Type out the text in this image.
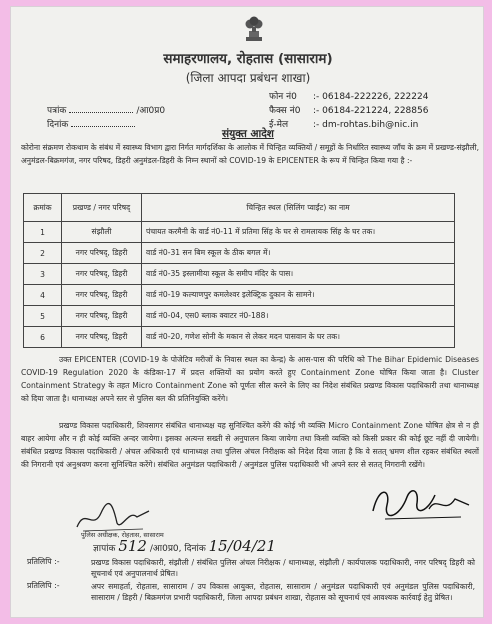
समाहरणालय, रोहतास (सासाराम)
(जिला आपदा प्रबंधन शाखा)
फोन नं0 :- 06184-222226, 222224
फैक्स नं0 :- 06184-221224, 228856
ई-मेल	:- dm-rohtas.bih@nic.in
पत्रांक	/आ0प्र0
दिनांक
संयुक्त आदेश
कोरोना संक्रमण रोकथाम के संबंध में स्वास्थ्य विभाग द्वारा निर्गत मार्गदर्शिका के आलोक में चिन्हित व्यक्तियों / समूहों के निर्धारित स्वास्थ्य जाँच के क्रम में प्रखण्ड-संझौली, अनुमंडल-बिक्रमगंज, नगर परिषद, डिहरी अनुमंडल-डिहरी के निम्न स्थानों को COVID-19 के EPICENTER के रूप में चिन्हित किया गया है :-
क्रमांक	प्रखण्ड / नगर परिषद्	चिन्हित स्थल (सिलिंग प्वाईंट) का नाम
1	संझौली	पंचायत करमैनी के वार्ड नं0-11 में प्रतिमा सिंह के घर से रामलायक सिंह के घर तक।
2	नगर परिषद्, डिहरी	वार्ड नं0-31 सन बिम स्कूल के ठीक बगल में।
3	नगर परिषद्, डिहरी	वार्ड नं0-35 इस्लामीया स्कूल के समीप मंदिर के पास।
4	नगर परिषद्, डिहरी	वार्ड नं0-19 कल्याणपुर कमलेश्वर इलेक्ट्रिक दुकान के सामने।
5	नगर परिषद्, डिहरी	वार्ड नं0-04, एस0 ब्लाक क्वाटर नं0-188।
6	नगर परिषद्, डिहरी	वार्ड नं0-20, गणेश सोनी के मकान से लेकर मदन पासवान के घर तक।
उक्त EPICENTER (COVID-19 के पोजेटिव मरीजों के निवास स्थल का केन्द्र) के आस-पास की परिधि को The Bihar Epidemic Diseases COVID-19 Regulation 2020 के कंडिका-17 में प्रदत्त शक्तियों का प्रयोग करते हुए Containment Zone घोषित किया जाता है। Cluster Containment Strategy के तहत Micro Containment Zone को पूर्णतः सील करने के लिए का निदेश संबंधित प्रखण्ड विकास पदाधिकारी तथा थानाध्यक्ष को दिया जाता है। थानाध्यक्ष अपने स्तर से पुलिस बल की प्रतिनियुक्ति करेंगे।
प्रखण्ड विकास पदाधिकारी, शिवसागर संबंधित थानाध्यक्ष यह सुनिश्चित करेंगे की कोई भी व्यक्ति Micro Containment Zone घोषित क्षेत्र से न ही बाहर आयेगा और न ही कोई व्यक्ति अन्दर जायेगा। इसका अत्यन्त सख्ती से अनुपालन किया जायेगा तथा किसी व्यक्ति को किसी प्रकार की कोई छूट नहीं दी जायेगी। संबंधित प्रखण्ड विकास पदाधिकारी / अंचल अधिकारी एवं थानाध्यक्ष तथा पुलिस अंचल निरीक्षक को निदेश दिया जाता है कि वे सतत् भ्रमण शील रहकर संबंधित स्थलों की निगरानी एवं अनुश्रवण करना सुनिश्चित करेंगे। संबंधित अनुमंडल पदाधिकारी / अनुमंडल पुलिस पदाधिकारी भी अपने स्तर से सतत् निगरानी रखेंगे।
पुलिस अधीक्षक, रोहतास, सासाराम
ज्ञापांक 512 /आ0प्र0, दिनांक 15/04/21
प्रतिलिपि :-	प्रखण्ड विकास पदाधिकारी, संझौली / संबंधित पुलिस अंचल निरीक्षक / थानाध्यक्ष, संझौली / कार्यपालक पदाधिकारी, नगर परिषद् डिहरी को सूचनार्थ एवं अनुपालनार्थ प्रेषित।
प्रतिलिपि :-	अपर समाहर्ता, रोहतास, सासाराम / उप विकास आयुक्त, रोहतास, सासाराम / अनुमंडल पदाधिकारी एवं अनुमंडल पुलिस पदाधिकारी, सासाराम / डिहरी / बिक्रमगंज प्रभारी पदाधिकारी, जिला आपदा प्रबंधन शाखा, रोहतास को सूचनार्थ एवं आवश्यक कार्रवाई हेतु प्रेषित।
